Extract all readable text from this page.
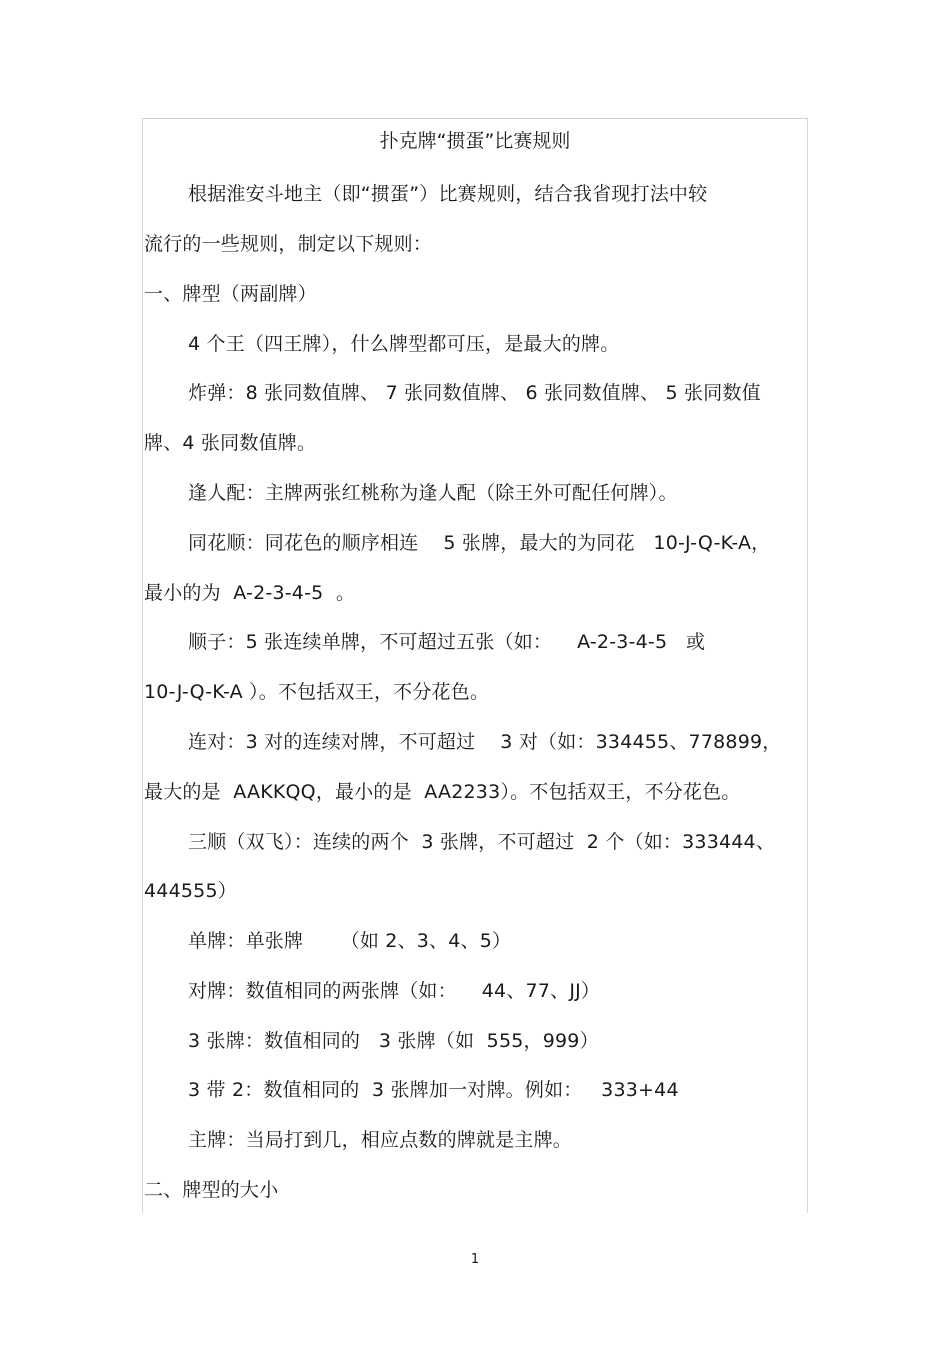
扑克牌“掼蛋”比赛规则
根据淮安斗地主（即“掼蛋”）比赛规则，结合我省现打法中较
流行的一些规则，制定以下规则：
一、牌型（两副牌）
4 个王（四王牌），什么牌型都可压，是最大的牌。
炸弹：8 张同数值牌、 7 张同数值牌、 6 张同数值牌、 5 张同数值
牌、4 张同数值牌。
逢人配：主牌两张红桃称为逢人配（除王外可配任何牌）。
同花顺：同花色的顺序相连    5 张牌，最大的为同花   10-J-Q-K-A，
最小的为  A-2-3-4-5  。
顺子：5 张连续单牌，不可超过五张（如：    A-2-3-4-5   或
10-J-Q-K-A ）。不包括双王，不分花色。
连对：3 对的连续对牌，不可超过    3 对（如：334455、778899，
最大的是  AAKKQQ，最小的是  AA2233）。不包括双王，不分花色。
三顺（双飞）：连续的两个  3 张牌，不可超过  2 个（如：333444、
444555）
单牌：单张牌      （如 2、3、4、5）
对牌：数值相同的两张牌（如：    44、77、JJ）
3 张牌：数值相同的   3 张牌（如  555，999）
3 带 2：数值相同的  3 张牌加一对牌。例如：   333+44
主牌：当局打到几，相应点数的牌就是主牌。
二、牌型的大小
1
